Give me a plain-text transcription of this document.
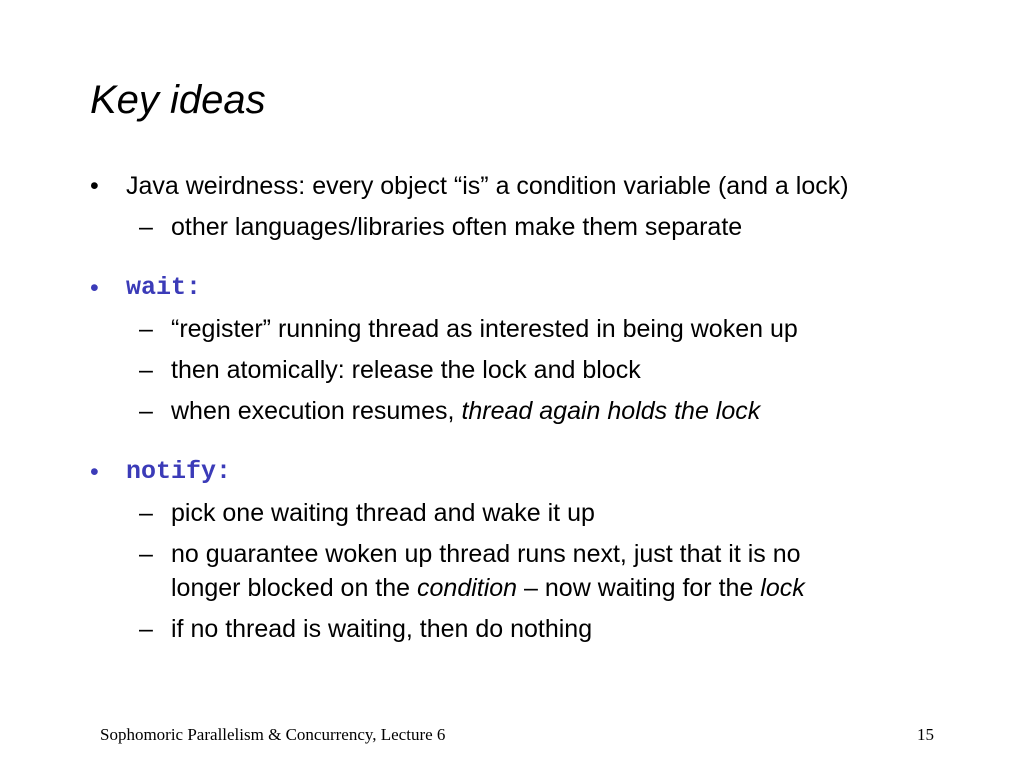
Key ideas
• Java weirdness: every object “is” a condition variable (and a lock)
– other languages/libraries often make them separate
• wait:
– “register” running thread as interested in being woken up
– then atomically: release the lock and block
– when execution resumes, thread again holds the lock
• notify:
– pick one waiting thread and wake it up
– no guarantee woken up thread runs next, just that it is no
longer blocked on the condition – now waiting for the lock
– if no thread is waiting, then do nothing
Sophomoric Parallelism & Concurrency, Lecture 6	15
